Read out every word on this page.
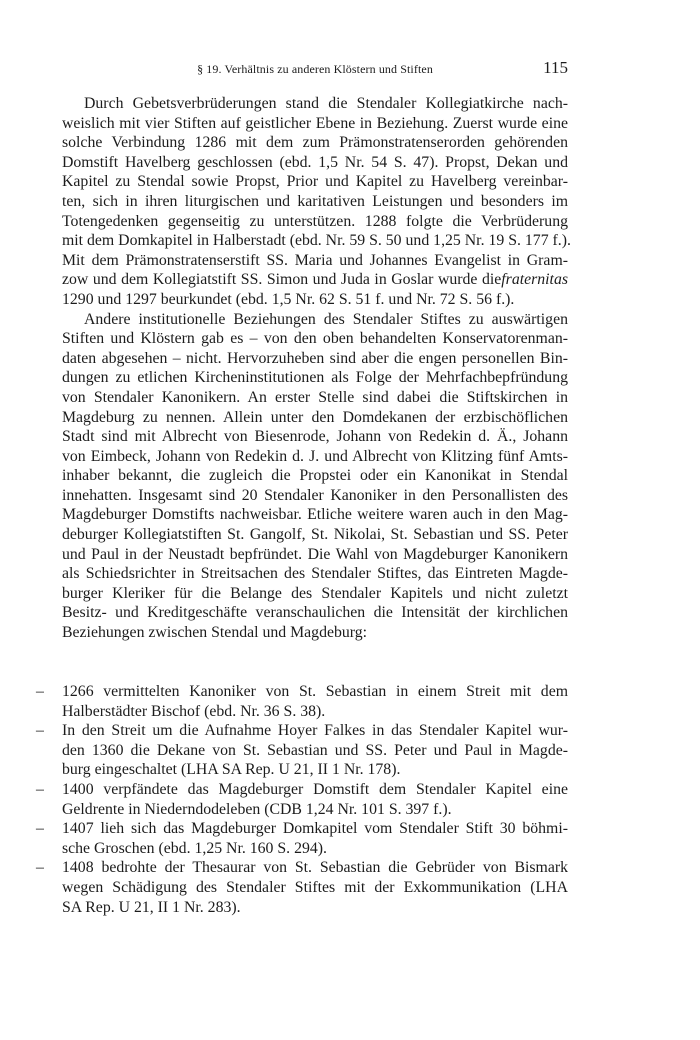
§ 19. Verhältnis zu anderen Klöstern und Stiften	115

Durch Gebetsverbrüderungen stand die Stendaler Kollegiatkirche nach-
weislich mit vier Stiften auf geistlicher Ebene in Beziehung. Zuerst wurde eine
solche Verbindung 1286 mit dem zum Prämonstratenserorden gehörenden
Domstift Havelberg geschlossen (ebd. 1,5 Nr. 54 S. 47). Propst, Dekan und
Kapitel zu Stendal sowie Propst, Prior und Kapitel zu Havelberg vereinbar-
ten, sich in ihren liturgischen und karitativen Leistungen und besonders im
Totengedenken gegenseitig zu unterstützen. 1288 folgte die Verbrüderung
mit dem Domkapitel in Halberstadt (ebd. Nr. 59 S. 50 und 1,25 Nr. 19 S. 177 f.).
Mit dem Prämonstratenserstift SS. Maria und Johannes Evangelist in Gram-
zow und dem Kollegiatstift SS. Simon und Juda in Goslar wurde diefraternitas
1290 und 1297 beurkundet (ebd. 1,5 Nr. 62 S. 51 f. und Nr. 72 S. 56 f.).

Andere institutionelle Beziehungen des Stendaler Stiftes zu auswärtigen
Stiften und Klöstern gab es – von den oben behandelten Konservatorenman-
daten abgesehen – nicht. Hervorzuheben sind aber die engen personellen Bin-
dungen zu etlichen Kircheninstitutionen als Folge der Mehrfachbepfründung
von Stendaler Kanonikern. An erster Stelle sind dabei die Stiftskirchen in
Magdeburg zu nennen. Allein unter den Domdekanen der erzbischöflichen
Stadt sind mit Albrecht von Biesenrode, Johann von Redekin d. Ä., Johann
von Eimbeck, Johann von Redekin d. J. und Albrecht von Klitzing fünf Amts-
inhaber bekannt, die zugleich die Propstei oder ein Kanonikat in Stendal
innehatten. Insgesamt sind 20 Stendaler Kanoniker in den Personallisten des
Magdeburger Domstifts nachweisbar. Etliche weitere waren auch in den Mag-
deburger Kollegiatstiften St. Gangolf, St. Nikolai, St. Sebastian und SS. Peter
und Paul in der Neustadt bepfründet. Die Wahl von Magdeburger Kanonikern
als Schiedsrichter in Streitsachen des Stendaler Stiftes, das Eintreten Magde-
burger Kleriker für die Belange des Stendaler Kapitels und nicht zuletzt
Besitz- und Kreditgeschäfte veranschaulichen die Intensität der kirchlichen
Beziehungen zwischen Stendal und Magdeburg:

– 1266 vermittelten Kanoniker von St. Sebastian in einem Streit mit dem
Halberstädter Bischof (ebd. Nr. 36 S. 38).
– In den Streit um die Aufnahme Hoyer Falkes in das Stendaler Kapitel wur-
den 1360 die Dekane von St. Sebastian und SS. Peter und Paul in Magde-
burg eingeschaltet (LHA SA Rep. U 21, II 1 Nr. 178).
– 1400 verpfändete das Magdeburger Domstift dem Stendaler Kapitel eine
Geldrente in Niederndodeleben (CDB 1,24 Nr. 101 S. 397 f.).
– 1407 lieh sich das Magdeburger Domkapitel vom Stendaler Stift 30 böhmi-
sche Groschen (ebd. 1,25 Nr. 160 S. 294).
– 1408 bedrohte der Thesaurar von St. Sebastian die Gebrüder von Bismark
wegen Schädigung des Stendaler Stiftes mit der Exkommunikation (LHA
SA Rep. U 21, II 1 Nr. 283).
